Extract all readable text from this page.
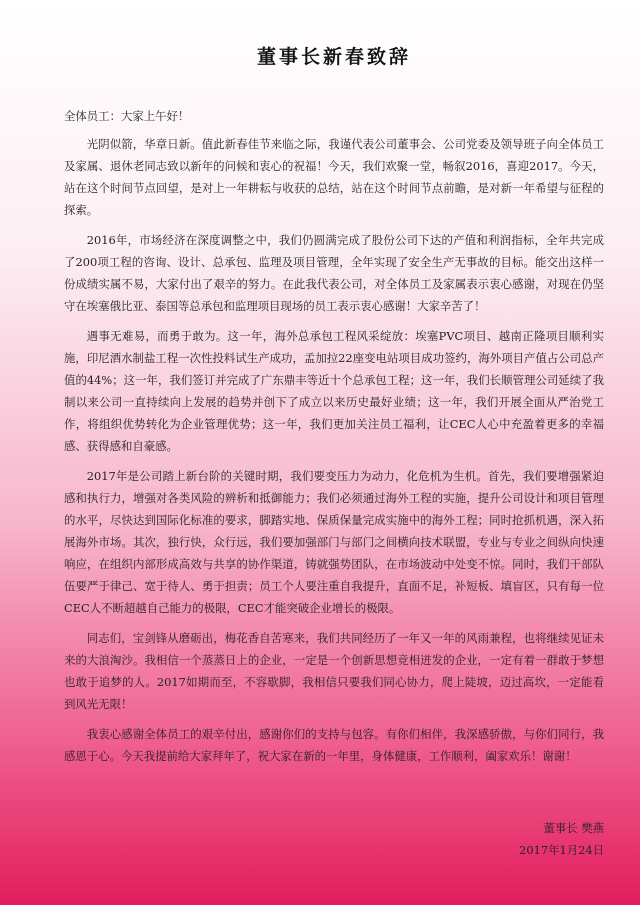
董事长新春致辞
全体员工：大家上午好！

光阴似箭，华章日新。值此新春佳节来临之际，我谨代表公司董事会、公司党委及领导班子向全体员工及家属、退休老同志致以新年的问候和衷心的祝福！今天，我们欢聚一堂，畅叙2016，喜迎2017。今天，站在这个时间节点回望，是对上一年耕耘与收获的总结，站在这个时间节点前瞻，是对新一年希望与征程的探索。

2016年，市场经济在深度调整之中，我们仍圆满完成了股份公司下达的产值和利润指标，全年共完成了200项工程的咨询、设计、总承包、监理及项目管理，全年实现了安全生产无事故的目标。能交出这样一份成绩实属不易，大家付出了艰辛的努力。在此我代表公司，对全体员工及家属表示衷心感谢，对现在仍坚守在埃塞俄比亚、泰国等总承包和监理项目现场的员工表示衷心感谢！大家辛苦了！

遇事无难易，而勇于敢为。这一年，海外总承包工程风采绽放：埃塞PVC项目、越南正隆项目顺利实施，印尼酒水制盐工程一次性投料试生产成功，孟加拉22座变电站项目成功签约，海外项目产值占公司总产值的44%；这一年，我们签订并完成了广东鼎丰等近十个总承包工程；这一年，我们长顺管理公司延续了我制以来公司一直持续向上发展的趋势并创下了成立以来历史最好业绩；这一年，我们开展全面从严治党工作，将组织优势转化为企业管理优势；这一年，我们更加关注员工福利，让CEC人心中充盈着更多的幸福感、获得感和自豪感。

2017年是公司踏上新台阶的关键时期，我们要变压力为动力，化危机为生机。首先，我们要增强紧迫感和执行力，增强对各类风险的辨析和抵御能力；我们必须通过海外工程的实施，提升公司设计和项目管理的水平，尽快达到国际化标准的要求，脚踏实地、保质保量完成实施中的海外工程；同时抢抓机遇，深入拓展海外市场。其次，独行快，众行远，我们要加强部门与部门之间横向技术联盟，专业与专业之间纵向快速响应，在组织内部形成高效与共享的协作渠道，铸就强势团队，在市场波动中处变不惊。同时，我们干部队伍要严于律己、宽于待人、勇于担责；员工个人要注重自我提升，直面不足，补短板、填盲区，只有每一位CEC人不断超越自己能力的极限，CEC才能突破企业增长的极限。

同志们，宝剑锋从磨砺出，梅花香自苦寒来，我们共同经历了一年又一年的风雨兼程，也将继续见证未来的大浪淘沙。我相信一个蒸蒸日上的企业，一定是一个创新思想竞相迸发的企业，一定有着一群敢于梦想也敢于追梦的人。2017如期而至，不容歇脚，我相信只要我们同心协力，爬上陡坡，迈过高坎，一定能看到风光无限！

我衷心感谢全体员工的艰辛付出，感谢你们的支持与包容。有你们相伴，我深感骄傲，与你们同行，我感恩于心。今天我提前给大家拜年了，祝大家在新的一年里，身体健康，工作顺利，阖家欢乐！谢谢！

董事长 樊燕
2017年1月24日
